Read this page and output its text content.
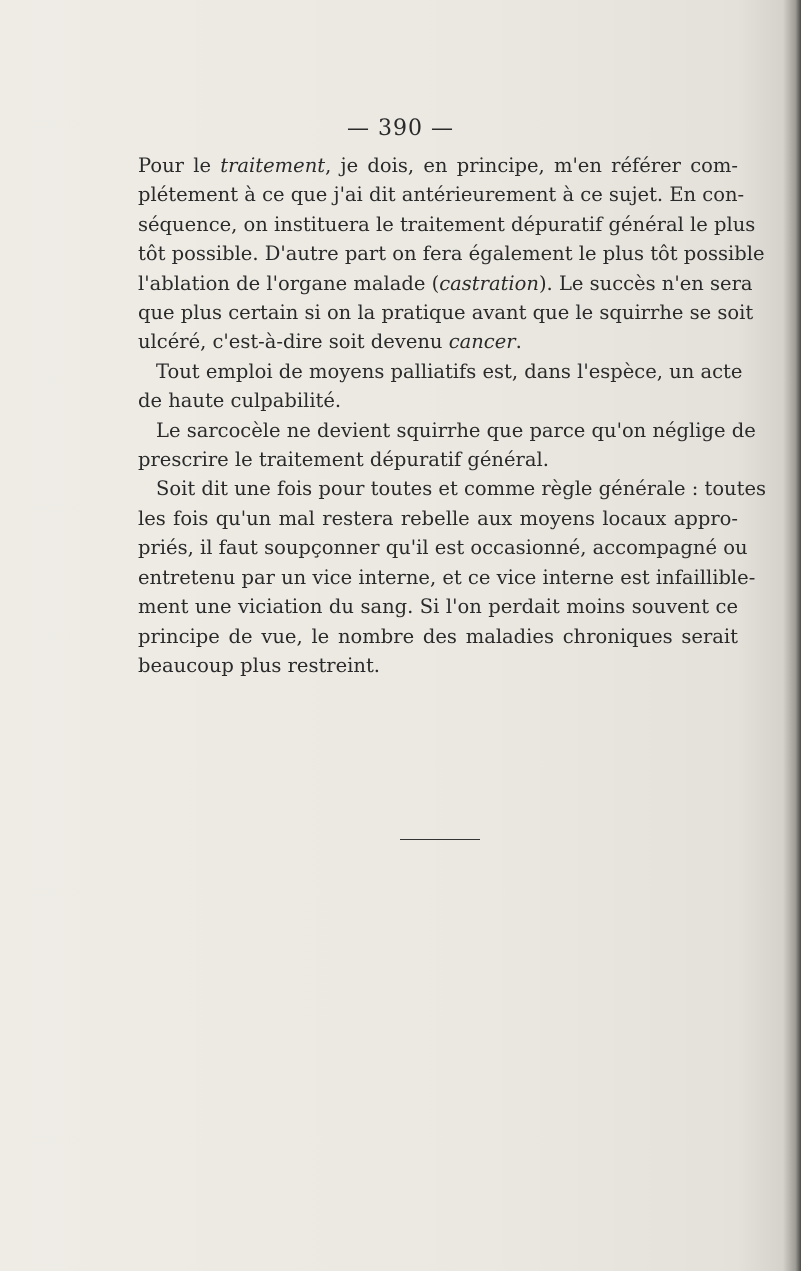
— 390 —
Pour le traitement, je dois, en principe, m'en référer com-
plétement à ce que j'ai dit antérieurement à ce sujet. En con-
séquence, on instituera le traitement dépuratif général le plus
tôt possible. D'autre part on fera également le plus tôt possible
l'ablation de l'organe malade (castration). Le succès n'en sera
que plus certain si on la pratique avant que le squirrhe se soit
ulcéré, c'est-à-dire soit devenu cancer.
Tout emploi de moyens palliatifs est, dans l'espèce, un acte
de haute culpabilité.
Le sarcocèle ne devient squirrhe que parce qu'on néglige de
prescrire le traitement dépuratif général.
Soit dit une fois pour toutes et comme règle générale : toutes
les fois qu'un mal restera rebelle aux moyens locaux appro-
priés, il faut soupçonner qu'il est occasionné, accompagné ou
entretenu par un vice interne, et ce vice interne est infaillible-
ment une viciation du sang. Si l'on perdait moins souvent ce
principe de vue, le nombre des maladies chroniques serait
beaucoup plus restreint.
